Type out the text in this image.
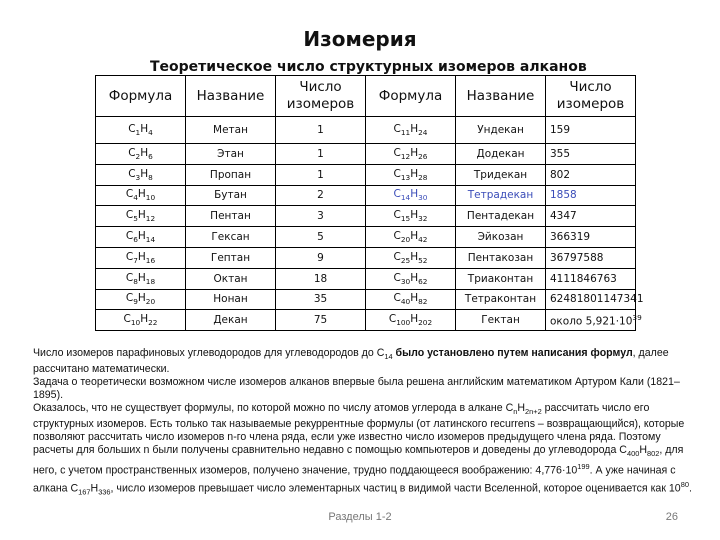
Изомерия
Теоретическое число структурных изомеров алканов
Формула	Название	Число изомеров	Формула	Название	Число изомеров
$C_1H_4$	Метан	1	$C_{11}H_{24}$	Ундекан	159
$C_2H_6$	Этан	1	$C_{12}H_{26}$	Додекан	355
$C_3H_8$	Пропан	1	$C_{13}H_{28}$	Тридекан	802
$C_4H_{10}$	Бутан	2	$C_{14}H_{30}$	Тетрадекан	1858
$C_5H_{12}$	Пентан	3	$C_{15}H_{32}$	Пентадекан	4347
$C_6H_{14}$	Гексан	5	$C_{20}H_{42}$	Эйкозан	366319
$C_7H_{16}$	Гептан	9	$C_{25}H_{52}$	Пентакозан	36797588
$C_8H_{18}$	Октан	18	$C_{30}H_{62}$	Триаконтан	4111846763
$C_9H_{20}$	Нонан	35	$C_{40}H_{82}$	Тетраконтан	62481801147341
$C_{10}H_{22}$	Декан	75	$C_{100}H_{202}$	Гектан	около $5,921\cdot 10^{39}$

Число изомеров парафиновых углеводородов для углеводородов до $С_{14}$ было установлено путем написания формул, далее рассчитано математически.

Задача о теоретически возможном числе изомеров алканов впервые была решена английским математиком Артуром Кали (1821–1895).

Оказалось, что не существует формулы, по которой можно по числу атомов углерода в алкане $С_nН_{2n+2}$ рассчитать число его структурных изомеров. Есть только так называемые рекуррентные формулы (от латинского recurrens – возвращающийся), которые позволяют рассчитать число изомеров n-го члена ряда, если уже известно число изомеров предыдущего члена ряда. Поэтому расчеты для больших n были получены сравнительно недавно с помощью компьютеров и доведены до углеводорода $С_{400}Н_{802}$, для него, с учетом пространственных изомеров, получено значение, трудно поддающееся воображению: $4,776\cdot 10^{199}$. А уже начиная с алкана $С_{167}Н_{336}$, число изомеров превышает число элементарных частиц в видимой части Вселенной, которое оценивается как $10^{80}$.

Разделы 1-2	26
